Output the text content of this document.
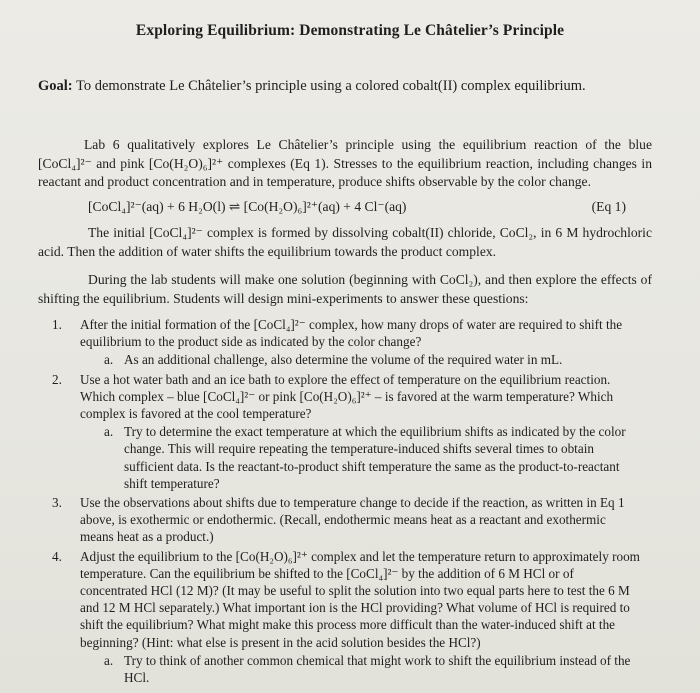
Exploring Equilibrium: Demonstrating Le Châtelier’s Principle
Goal: To demonstrate Le Châtelier’s principle using a colored cobalt(II) complex equilibrium.
Lab 6 qualitatively explores Le Châtelier’s principle using the equilibrium reaction of the blue [CoCl₄]²⁻ and pink [Co(H₂O)₆]²⁺ complexes (Eq 1). Stresses to the equilibrium reaction, including changes in reactant and product concentration and in temperature, produce shifts observable by the color change.
[CoCl₄]²⁻(aq) + 6 H₂O(l) ⇌ [Co(H₂O)₆]²⁺(aq) + 4 Cl⁻(aq)	(Eq 1)
The initial [CoCl₄]²⁻ complex is formed by dissolving cobalt(II) chloride, CoCl₂, in 6 M hydrochloric acid. Then the addition of water shifts the equilibrium towards the product complex.
During the lab students will make one solution (beginning with CoCl₂), and then explore the effects of shifting the equilibrium. Students will design mini-experiments to answer these questions:
1. After the initial formation of the [CoCl₄]²⁻ complex, how many drops of water are required to shift the equilibrium to the product side as indicated by the color change?
a. As an additional challenge, also determine the volume of the required water in mL.
2. Use a hot water bath and an ice bath to explore the effect of temperature on the equilibrium reaction. Which complex – blue [CoCl₄]²⁻ or pink [Co(H₂O)₆]²⁺ – is favored at the warm temperature? Which complex is favored at the cool temperature?
a. Try to determine the exact temperature at which the equilibrium shifts as indicated by the color change. This will require repeating the temperature-induced shifts several times to obtain sufficient data. Is the reactant-to-product shift temperature the same as the product-to-reactant shift temperature?
3. Use the observations about shifts due to temperature change to decide if the reaction, as written in Eq 1 above, is exothermic or endothermic. (Recall, endothermic means heat as a reactant and exothermic means heat as a product.)
4. Adjust the equilibrium to the [Co(H₂O)₆]²⁺ complex and let the temperature return to approximately room temperature. Can the equilibrium be shifted to the [CoCl₄]²⁻ by the addition of 6 M HCl or of concentrated HCl (12 M)? (It may be useful to split the solution into two equal parts here to test the 6 M and 12 M HCl separately.) What important ion is the HCl providing? What volume of HCl is required to shift the equilibrium? What might make this process more difficult than the water-induced shift at the beginning? (Hint: what else is present in the acid solution besides the HCl?)
a. Try to think of another common chemical that might work to shift the equilibrium instead of the HCl.
